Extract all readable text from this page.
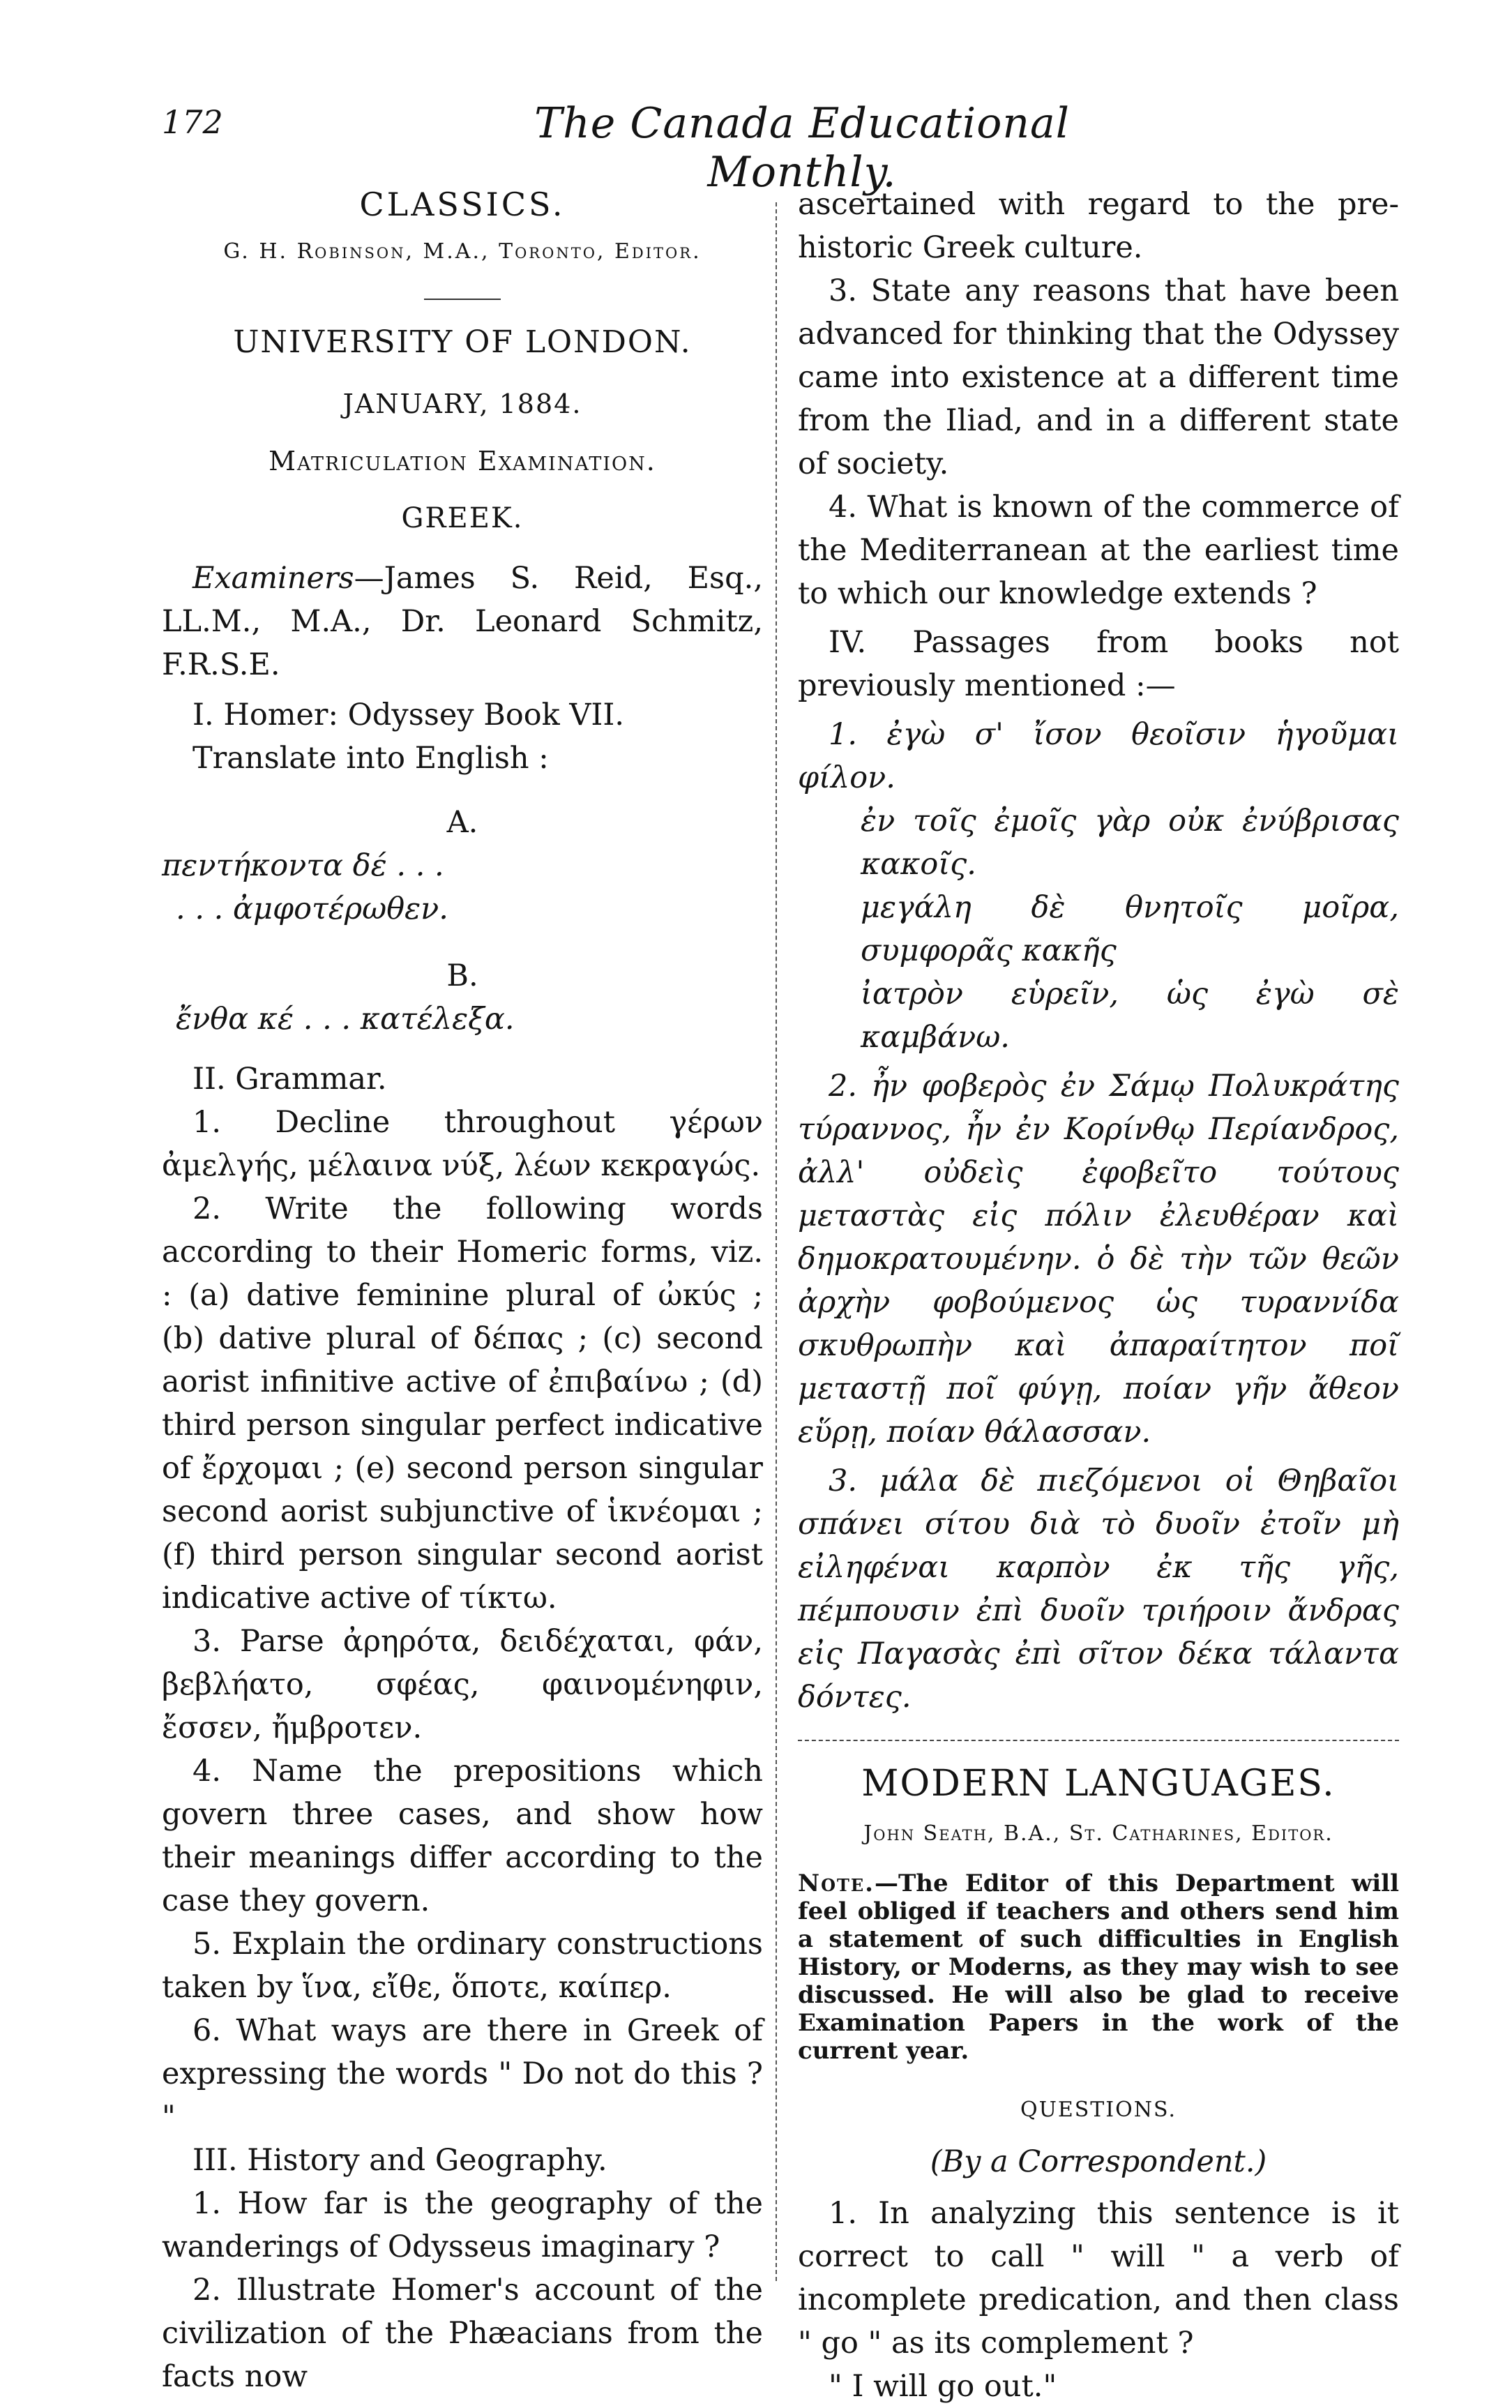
172	The Canada Educational Monthly.
CLASSICS.
G. H. Robinson, M.A., Toronto, Editor.
UNIVERSITY OF LONDON.
JANUARY, 1884.
Matriculation Examination.
GREEK.

Examiners—James S. Reid, Esq., LL.M., M.A., Dr. Leonard Schmitz, F.R.S.E.

I. Homer: Odyssey Book VII.

Translate into English :

A.

πεντήκοντα δέ . . .

. . . ἀμφοτέρωθεν.

B.

ἔνθα κέ . . . κατέλεξα.

II. Grammar.

1. Decline throughout γέρων ἀμελγής, μέλαινα νύξ, λέων κεκραγώς.

2. Write the following words according to their Homeric forms, viz. : (a) dative feminine plural of ὠκύς ; (b) dative plural of δέπας ; (c) second aorist infinitive active of ἐπιβαίνω ; (d) third person singular perfect indicative of ἔρχομαι ; (e) second person singular second aorist subjunctive of ἱκνέομαι ; (f) third person singular second aorist indicative active of τίκτω.

3. Parse ἀρηρότα, δειδέχαται, φάν, βεβλήατο, σφέας, φαινομένηφιν, ἔσσεν, ἤμβροτεν.

4. Name the prepositions which govern three cases, and show how their meanings differ according to the case they govern.

5. Explain the ordinary constructions taken by ἵνα, εἴθε, ὅποτε, καίπερ.

6. What ways are there in Greek of expressing the words " Do not do this ? "

III. History and Geography.

1. How far is the geography of the wanderings of Odysseus imaginary ?

2. Illustrate Homer's account of the civilization of the Phæacians from the facts now

ascertained with regard to the pre-historic Greek culture.

3. State any reasons that have been advanced for thinking that the Odyssey came into existence at a different time from the Iliad, and in a different state of society.

4. What is known of the commerce of the Mediterranean at the earliest time to which our knowledge extends ?

IV. Passages from books not previously mentioned :—

1. ἐγὼ σ' ἴσον θεοῖσιν ἡγοῦμαι φίλον.

ἐν τοῖς ἐμοῖς γὰρ οὐκ ἐνύβρισας κακοῖς.

μεγάλη δὲ θνητοῖς μοῖρα, συμφορᾶς κακῆς

ἰατρὸν εὑρεῖν, ὡς ἐγὼ σὲ καμβάνω.

2. ἦν φοβερὸς ἐν Σάμῳ Πολυκράτης τύραννος, ἦν ἐν Κορίνθῳ Περίανδρος, ἀλλ' οὐδεὶς ἐφοβεῖτο τούτους μεταστὰς εἰς πόλιν ἐλευθέραν καὶ δημοκρατουμένην. ὁ δὲ τὴν τῶν θεῶν ἀρχὴν φοβούμενος ὡς τυραννίδα σκυθρωπὴν καὶ ἀπαραίτητον ποῖ μεταστῇ ποῖ φύγῃ, ποίαν γῆν ἄθεον εὕρῃ, ποίαν θάλασσαν.

3. μάλα δὲ πιεζόμενοι οἱ Θηβαῖοι σπάνει σίτου διὰ τὸ δυοῖν ἐτοῖν μὴ εἰληφέναι καρπὸν ἐκ τῆς γῆς, πέμπουσιν ἐπὶ δυοῖν τριήροιν ἄνδρας εἰς Παγασὰς ἐπὶ σῖτον δέκα τάλαντα δόντες.

MODERN LANGUAGES.
John Seath, B.A., St. Catharines, Editor.

Note.—The Editor of this Department will feel obliged if teachers and others send him a statement of such difficulties in English History, or Moderns, as they may wish to see discussed. He will also be glad to receive Examination Papers in the work of the current year.

QUESTIONS.
(By a Correspondent.)

1. In analyzing this sentence is it correct to call " will " a verb of incomplete predication, and then class " go " as its complement ?

" I will go out."
